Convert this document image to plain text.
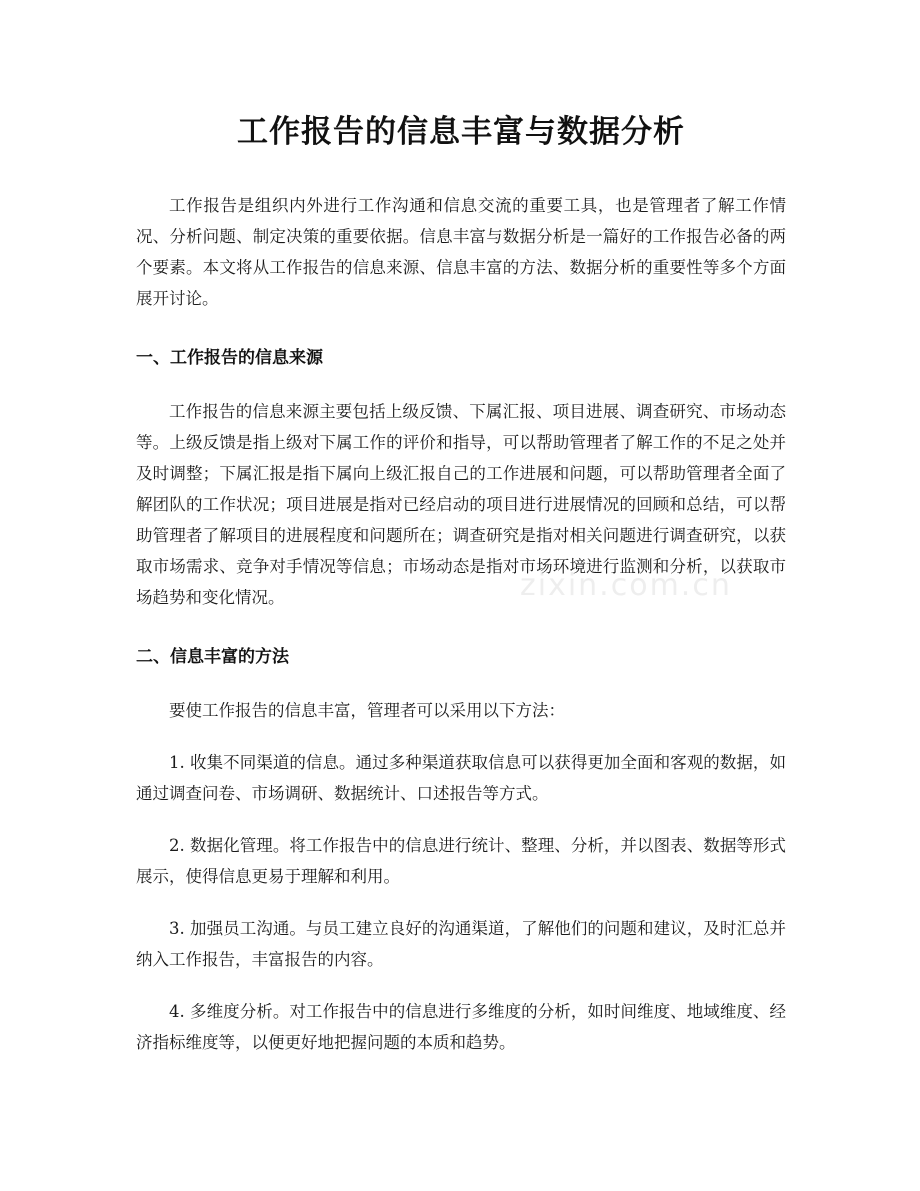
工作报告的信息丰富与数据分析

工作报告是组织内外进行工作沟通和信息交流的重要工具，也是管理者了解工作情况、分析问题、制定决策的重要依据。信息丰富与数据分析是一篇好的工作报告必备的两个要素。本文将从工作报告的信息来源、信息丰富的方法、数据分析的重要性等多个方面展开讨论。

一、工作报告的信息来源

工作报告的信息来源主要包括上级反馈、下属汇报、项目进展、调查研究、市场动态等。上级反馈是指上级对下属工作的评价和指导，可以帮助管理者了解工作的不足之处并及时调整；下属汇报是指下属向上级汇报自己的工作进展和问题，可以帮助管理者全面了解团队的工作状况；项目进展是指对已经启动的项目进行进展情况的回顾和总结，可以帮助管理者了解项目的进展程度和问题所在；调查研究是指对相关问题进行调查研究，以获取市场需求、竞争对手情况等信息；市场动态是指对市场环境进行监测和分析，以获取市场趋势和变化情况。

二、信息丰富的方法

要使工作报告的信息丰富，管理者可以采用以下方法：

1. 收集不同渠道的信息。通过多种渠道获取信息可以获得更加全面和客观的数据，如通过调查问卷、市场调研、数据统计、口述报告等方式。

2. 数据化管理。将工作报告中的信息进行统计、整理、分析，并以图表、数据等形式展示，使得信息更易于理解和利用。

3. 加强员工沟通。与员工建立良好的沟通渠道，了解他们的问题和建议，及时汇总并纳入工作报告，丰富报告的内容。

4. 多维度分析。对工作报告中的信息进行多维度的分析，如时间维度、地域维度、经济指标维度等，以便更好地把握问题的本质和趋势。

zixin.com.cn
